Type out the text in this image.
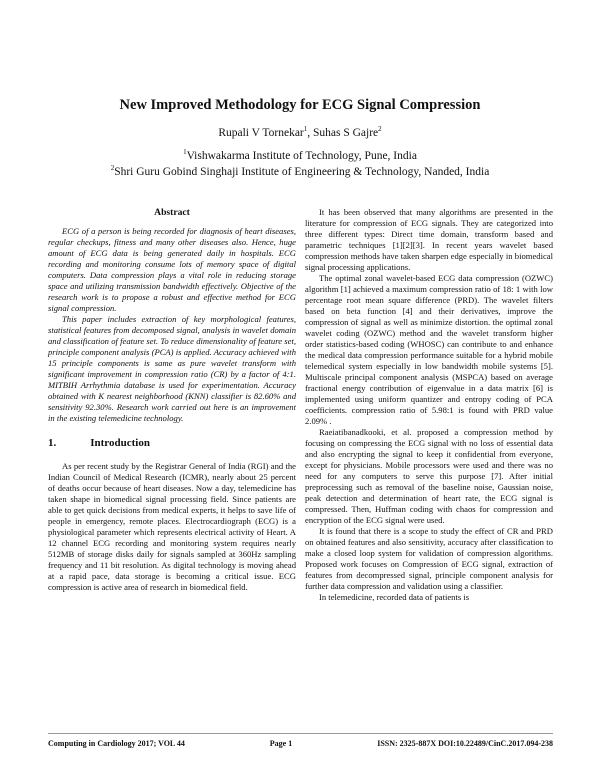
New Improved Methodology for ECG Signal Compression
Rupali V Tornekar$^1$, Suhas S Gajre$^2$
$^1$Vishwakarma Institute of Technology, Pune, India
$^2$Shri Guru Gobind Singhaji Institute of Engineering & Technology, Nanded, India
Abstract

ECG of a person is being recorded for diagnosis of heart diseases, regular checkups, fitness and many other diseases also. Hence, huge amount of ECG data is being generated daily in hospitals. ECG recording and monitoring consume lots of memory space of digital computers. Data compression plays a vital role in reducing storage space and utilizing transmission bandwidth effectively. Objective of the research work is to propose a robust and effective method for ECG signal compression.

This paper includes extraction of key morphological features, statistical features from decomposed signal, analysis in wavelet domain and classification of feature set. To reduce dimensionality of feature set, principle component analysis (PCA) is applied. Accuracy achieved with 15 principle components is same as pure wavelet transform with significant improvement in compression ratio (CR) by a factor of 4:1. MITBIH Arrhythmia database is used for experimentation. Accuracy obtained with K nearest neighborhood (KNN) classifier is 82.60% and sensitivity 92.30%. Research work carried out here is an improvement in the existing telemedicine technology.

1.	Introduction

As per recent study by the Registrar General of India (RGI) and the Indian Council of Medical Research (ICMR), nearly about 25 percent of deaths occur because of heart diseases. Now a day, telemedicine has taken shape in biomedical signal processing field. Since patients are able to get quick decisions from medical experts, it helps to save life of people in emergency, remote places. Electrocardiograph (ECG) is a physiological parameter which represents electrical activity of Heart. A 12 channel ECG recording and monitoring system requires nearly 512MB of storage disks daily for signals sampled at 360Hz sampling frequency and 11 bit resolution. As digital technology is moving ahead at a rapid pace, data storage is becoming a critical issue. ECG compression is active area of research in biomedical field.

It has been observed that many algorithms are presented in the literature for compression of ECG signals. They are categorized into three different types: Direct time domain, transform based and parametric techniques [1][2][3]. In recent years wavelet based compression methods have taken sharpen edge especially in biomedical signal processing applications.

The optimal zonal wavelet-based ECG data compression (OZWC) algorithm [1] achieved a maximum compression ratio of 18: 1 with low percentage root mean square difference (PRD). The wavelet filters based on beta function [4] and their derivatives, improve the compression of signal as well as minimize distortion. the optimal zonal wavelet coding (OZWC) method and the wavelet transform higher order statistics-based coding (WHOSC) can contribute to and enhance the medical data compression performance suitable for a hybrid mobile telemedical system especially in low bandwidth mobile systems [5]. Multiscale principal component analysis (MSPCA) based on average fractional energy contribution of eigenvalue in a data matrix [6] is implemented using uniform quantizer and entropy coding of PCA coefficients. compression ratio of 5.98:1 is found with PRD value 2.09% .

Raeiatibanadkooki, et al. proposed a compression method by focusing on compressing the ECG signal with no loss of essential data and also encrypting the signal to keep it confidential from everyone, except for physicians. Mobile processors were used and there was no need for any computers to serve this purpose [7]. After initial preprocessing such as removal of the baseline noise, Gaussian noise, peak detection and determination of heart rate, the ECG signal is compressed. Then, Huffman coding with chaos for compression and encryption of the ECG signal were used.

It is found that there is a scope to study the effect of CR and PRD on obtained features and also sensitivity, accuracy after classification to make a closed loop system for validation of compression algorithms. Proposed work focuses on Compression of ECG signal, extraction of features from decompressed signal, principle component analysis for further data compression and validation using a classifier.

In telemedicine, recorded data of patients is

Computing in Cardiology 2017; VOL 44	Page 1	ISSN: 2325-887X DOI:10.22489/CinC.2017.094-238
